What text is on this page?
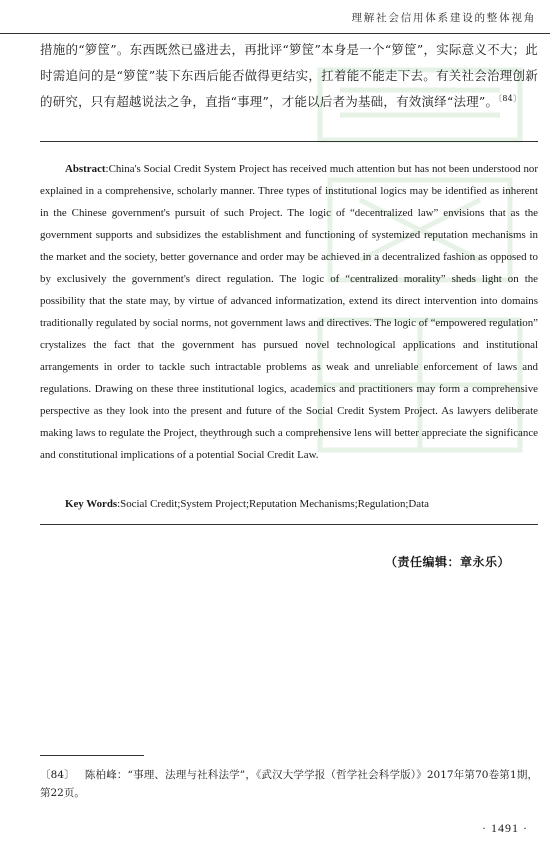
理解社会信用体系建设的整体视角

措施的“箩筐”。东西既然已盛进去，再批评“箩筐”本身是一个“箩筐”，实际意义不大；此时需追问的是“箩筐”装下东西后能否做得更结实，扛着能不能走下去。有关社会治理创新的研究，只有超越说法之争，直指“事理”，才能以后者为基础，有效演绎“法理”。$^{〔84〕}$

Abstract:China's Social Credit System Project has received much attention but has not been understood nor explained in a comprehensive, scholarly manner. Three types of institutional logics may be identified as inherent in the Chinese government's pursuit of such Project. The logic of “decentralized law” envisions that as the government supports and subsidizes the establishment and functioning of systemized reputation mechanisms in the market and the society, better governance and order may be achieved in a decentralized fashion as opposed to by exclusively the government's direct regulation. The logic of “centralized morality” sheds light on the possibility that the state may, by virtue of advanced informatization, extend its direct intervention into domains traditionally regulated by social norms, not government laws and directives. The logic of “empowered regulation” crystalizes the fact that the government has pursued novel technological applications and institutional arrangements in order to tackle such intractable problems as weak and unreliable enforcement of laws and regulations. Drawing on these three institutional logics, academics and practitioners may form a comprehensive perspective as they look into the present and future of the Social Credit System Project. As lawyers deliberate making laws to regulate the Project, theythrough such a comprehensive lens will better appreciate the significance and constitutional implications of a potential Social Credit Law.

Key Words:Social Credit;System Project;Reputation Mechanisms;Regulation;Data

（责任编辑：章永乐）

〔84〕 陈柏峰：“事理、法理与社科法学”，《武汉大学学报（哲学社会科学版）》2017年第70卷第1期，第22页。

· 1491 ·
